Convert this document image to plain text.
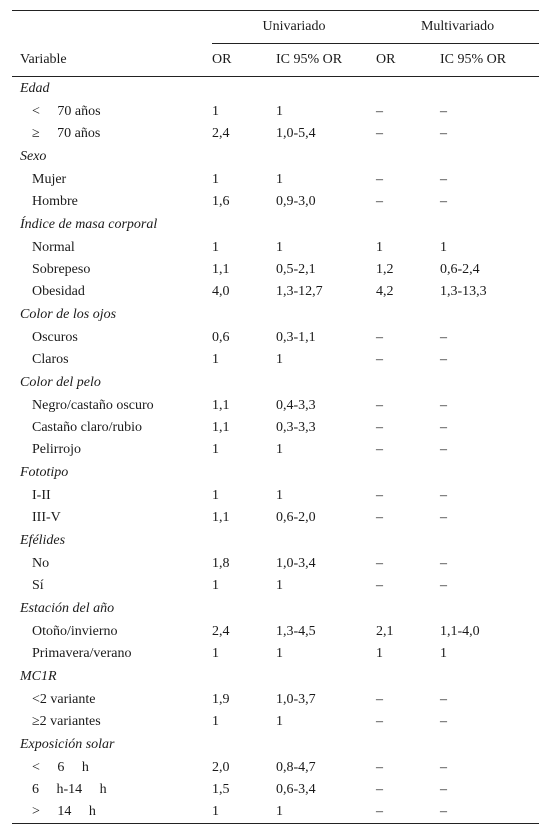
	Univariado		Multivariado	

Variable	OR	IC 95% OR	OR	IC 95% OR
Edad				
<  70 años	1	1	–	–
≥  70 años	2,4	1,0-5,4	–	–
Sexo				
Mujer	1	1	–	–
Hombre	1,6	0,9-3,0	–	–
Índice de masa corporal				
Normal	1	1	1	1
Sobrepeso	1,1	0,5-2,1	1,2	0,6-2,4
Obesidad	4,0	1,3-12,7	4,2	1,3-13,3
Color de los ojos				
Oscuros	0,6	0,3-1,1	–	–
Claros	1	1	–	–
Color del pelo				
Negro/castaño oscuro	1,1	0,4-3,3	–	–
Castaño claro/rubio	1,1	0,3-3,3	–	–
Pelirrojo	1	1	–	–
Fototipo				
I-II	1	1	–	–
III-V	1,1	0,6-2,0	–	–
Efélides				
No	1,8	1,0-3,4	–	–
Sí	1	1	–	–
Estación del año				
Otoño/invierno	2,4	1,3-4,5	2,1	1,1-4,0
Primavera/verano	1	1	1	1
MC1R				
<2 variante	1,9	1,0-3,7	–	–
≥2 variantes	1	1	–	–
Exposición solar				
<  6  h	2,0	0,8-4,7	–	–
6  h-14  h	1,5	0,6-3,4	–	–
>  14  h	1	1	–	–
